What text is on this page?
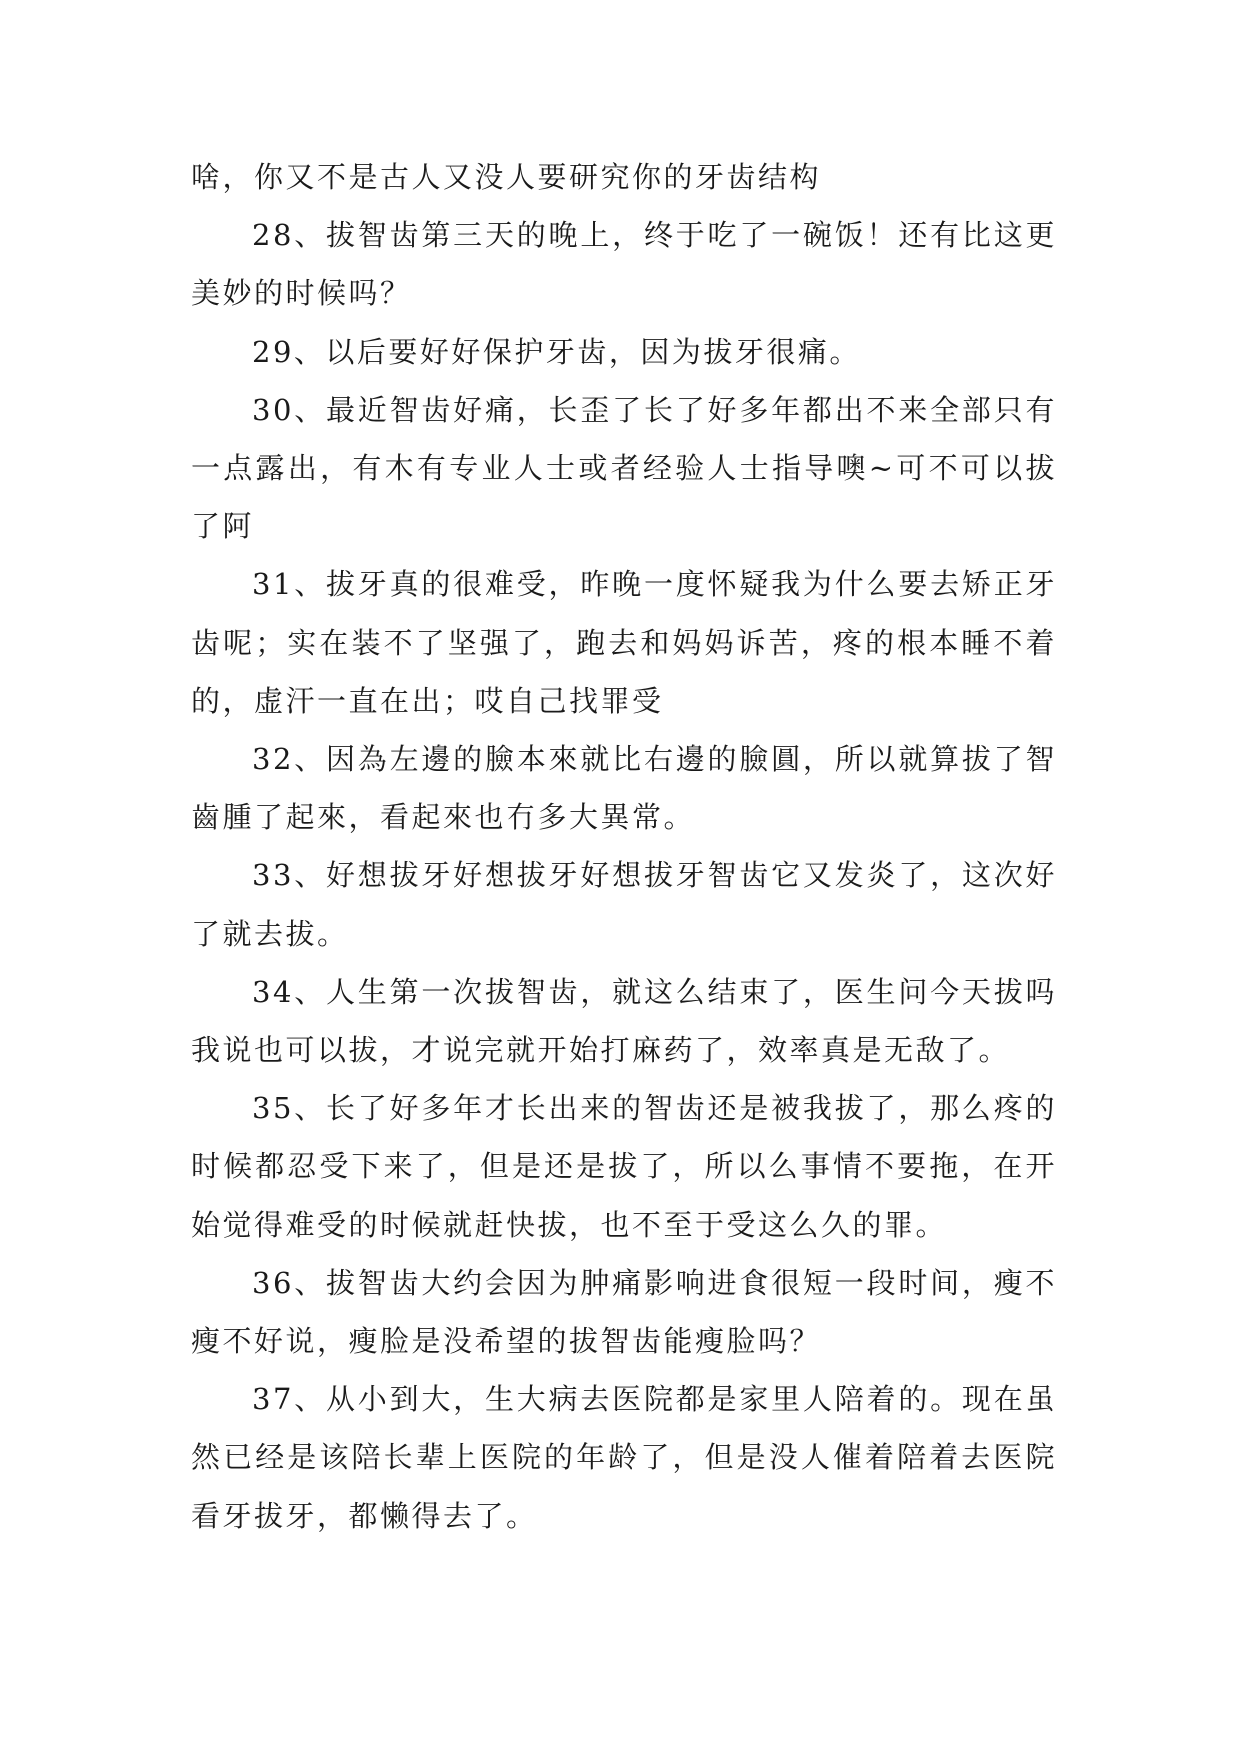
啥，你又不是古人又没人要研究你的牙齿结构

28、拔智齿第三天的晚上，终于吃了一碗饭！还有比这更美妙的时候吗？

29、以后要好好保护牙齿，因为拔牙很痛。

30、最近智齿好痛，长歪了长了好多年都出不来全部只有一点露出，有木有专业人士或者经验人士指导噢~可不可以拔了阿

31、拔牙真的很难受，昨晚一度怀疑我为什么要去矫正牙齿呢；实在装不了坚强了，跑去和妈妈诉苦，疼的根本睡不着的，虚汗一直在出；哎自己找罪受

32、因為左邊的臉本來就比右邊的臉圓，所以就算拔了智齒腫了起來，看起來也冇多大異常。

33、好想拔牙好想拔牙好想拔牙智齿它又发炎了，这次好了就去拔。

34、人生第一次拔智齿，就这么结束了，医生问今天拔吗我说也可以拔，才说完就开始打麻药了，效率真是无敌了。

35、长了好多年才长出来的智齿还是被我拔了，那么疼的时候都忍受下来了，但是还是拔了，所以么事情不要拖，在开始觉得难受的时候就赶快拔，也不至于受这么久的罪。

36、拔智齿大约会因为肿痛影响进食很短一段时间，瘦不瘦不好说，瘦脸是没希望的拔智齿能瘦脸吗？

37、从小到大，生大病去医院都是家里人陪着的。现在虽然已经是该陪长辈上医院的年龄了，但是没人催着陪着去医院看牙拔牙，都懒得去了。
